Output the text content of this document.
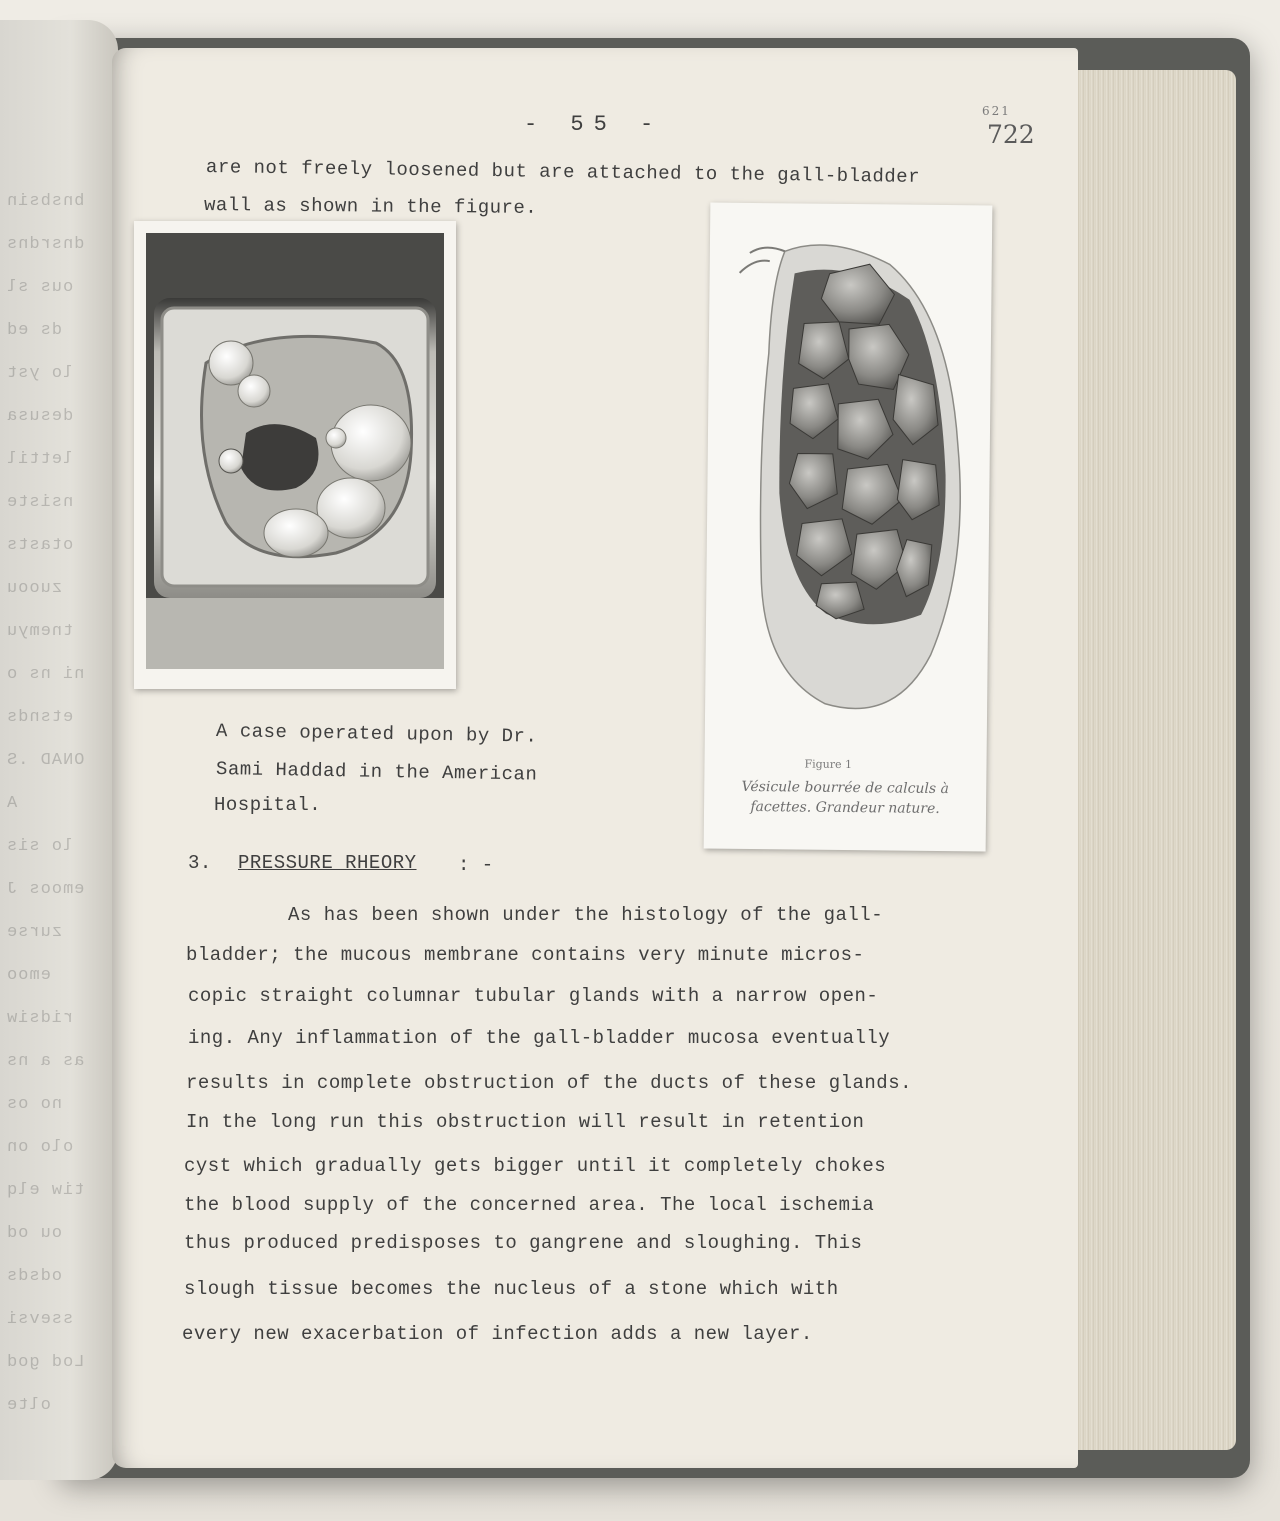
bnsbsin
dnsrdns
ous sl
ds ed
lo yst
desusa
lettil
nsiste
otasts
zuoou
tnemyu
ni ns o
etsnds
ONAD .S
A
lo sis
emoos J
zurse
emoo
ridsiw
as a ns
no os
olo on
tiw elq
ou od
odsds
ssevsi
Lod god
olte
- 55 -
621
722
are not freely loosened but are attached to the gall-bladder
wall as shown in the figure.
A case operated upon by Dr.
Sami Haddad in the American
Hospital.
Figure 1
Vésicule bourrée de calculs à
facettes. Grandeur nature.
3. PRESSURE RHEORY : -
As has been shown under the histology of the gall-
bladder; the mucous membrane contains very minute micros-
copic straight columnar tubular glands with a narrow open-
ing. Any inflammation of the gall-bladder mucosa eventually
results in complete obstruction of the ducts of these glands.
In the long run this obstruction will result in retention
cyst which gradually gets bigger until it completely chokes
the blood supply of the concerned area. The local ischemia
thus produced predisposes to gangrene and sloughing. This
slough tissue becomes the nucleus of a stone which with
every new exacerbation of infection adds a new layer.
